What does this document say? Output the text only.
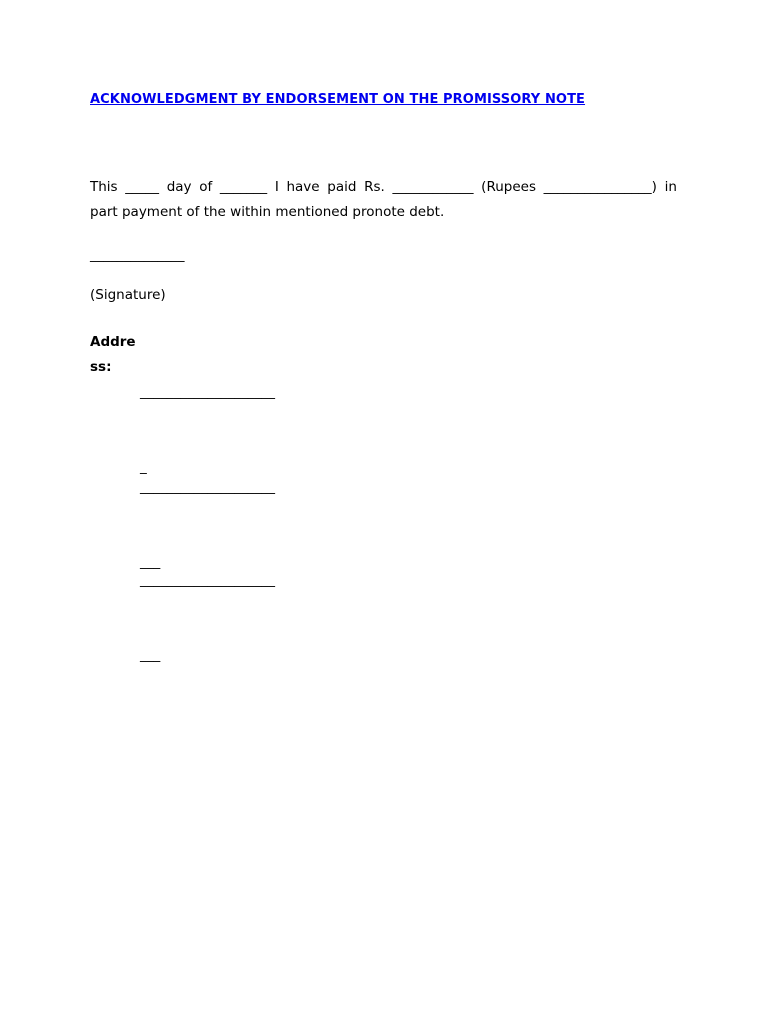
ACKNOWLEDGMENT BY ENDORSEMENT ON THE PROMISSORY NOTE
This _____ day of _______ I have paid Rs. ____________ (Rupees ________________) in
part payment of the within mentioned pronote debt.
______________
(Signature)
Addre
ss:

____________________

_

____________________

___

____________________

___
